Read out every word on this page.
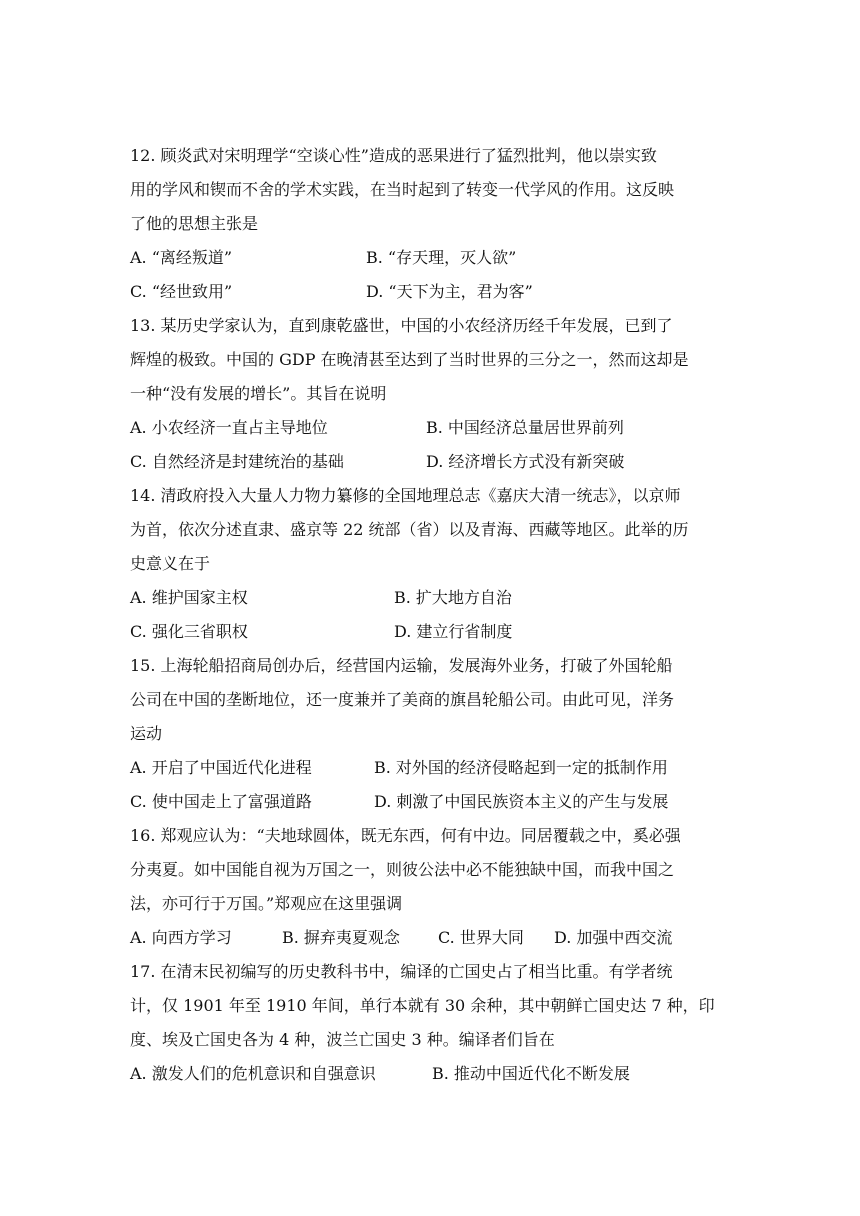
12. 顾炎武对宋明理学“空谈心性”造成的恶果进行了猛烈批判，他以崇实致
用的学风和锲而不舍的学术实践，在当时起到了转变一代学风的作用。这反映
了他的思想主张是
A. “离经叛道”	B. “存天理，灭人欲”
C. “经世致用”	D. “天下为主，君为客”
13. 某历史学家认为，直到康乾盛世，中国的小农经济历经千年发展，已到了
辉煌的极致。中国的 GDP 在晚清甚至达到了当时世界的三分之一，然而这却是
一种“没有发展的增长”。其旨在说明
A. 小农经济一直占主导地位	B. 中国经济总量居世界前列
C. 自然经济是封建统治的基础	D. 经济增长方式没有新突破
14. 清政府投入大量人力物力纂修的全国地理总志《嘉庆大清一统志》，以京师
为首，依次分述直隶、盛京等 22 统部（省）以及青海、西藏等地区。此举的历
史意义在于
A. 维护国家主权	B. 扩大地方自治
C. 强化三省职权	D. 建立行省制度
15. 上海轮船招商局创办后，经营国内运输，发展海外业务，打破了外国轮船
公司在中国的垄断地位，还一度兼并了美商的旗昌轮船公司。由此可见，洋务
运动
A. 开启了中国近代化进程	B. 对外国的经济侵略起到一定的抵制作用
C. 使中国走上了富强道路	D. 刺激了中国民族资本主义的产生与发展
16. 郑观应认为：“夫地球圆体，既无东西，何有中边。同居覆载之中，奚必强
分夷夏。如中国能自视为万国之一，则彼公法中必不能独缺中国，而我中国之
法，亦可行于万国。”郑观应在这里强调
A. 向西方学习	B. 摒弃夷夏观念 C. 世界大同 D. 加强中西交流
17. 在清末民初编写的历史教科书中，编译的亡国史占了相当比重。有学者统
计，仅 1901 年至 1910 年间，单行本就有 30 余种，其中朝鲜亡国史达 7 种，印
度、埃及亡国史各为 4 种，波兰亡国史 3 种。编译者们旨在
A. 激发人们的危机意识和自强意识	B. 推动中国近代化不断发展
